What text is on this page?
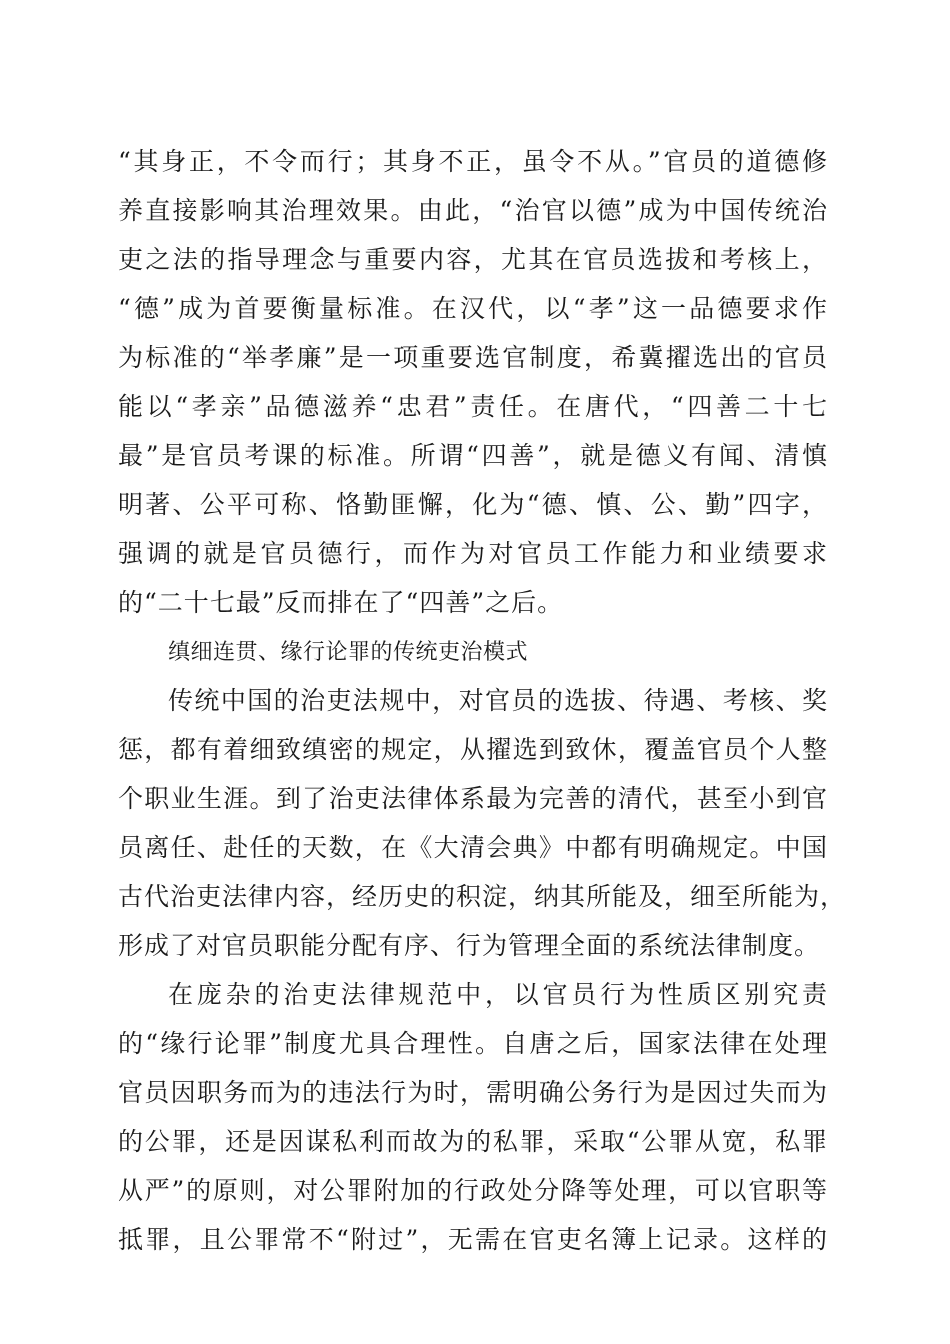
“其身正，不令而行；其身不正，虽令不从。”官员的道德修
养直接影响其治理效果。由此，“治官以德”成为中国传统治
吏之法的指导理念与重要内容，尤其在官员选拔和考核上，
“德”成为首要衡量标准。在汉代，以“孝”这一品德要求作
为标准的“举孝廉”是一项重要选官制度，希冀擢选出的官员
能以“孝亲”品德滋养“忠君”责任。在唐代，“四善二十七
最”是官员考课的标准。所谓“四善”，就是德义有闻、清慎
明著、公平可称、恪勤匪懈，化为“德、慎、公、勤”四字，
强调的就是官员德行，而作为对官员工作能力和业绩要求
的“二十七最”反而排在了“四善”之后。
缜细连贯、缘行论罪的传统吏治模式
传统中国的治吏法规中，对官员的选拔、待遇、考核、奖
惩，都有着细致缜密的规定，从擢选到致休，覆盖官员个人整
个职业生涯。到了治吏法律体系最为完善的清代，甚至小到官
员离任、赴任的天数，在《大清会典》中都有明确规定。中国
古代治吏法律内容，经历史的积淀，纳其所能及，细至所能为，
形成了对官员职能分配有序、行为管理全面的系统法律制度。
在庞杂的治吏法律规范中，以官员行为性质区别究责
的“缘行论罪”制度尤具合理性。自唐之后，国家法律在处理
官员因职务而为的违法行为时，需明确公务行为是因过失而为
的公罪，还是因谋私利而故为的私罪，采取“公罪从宽，私罪
从严”的原则，对公罪附加的行政处分降等处理，可以官职等
抵罪，且公罪常不“附过”，无需在官吏名簿上记录。这样的
